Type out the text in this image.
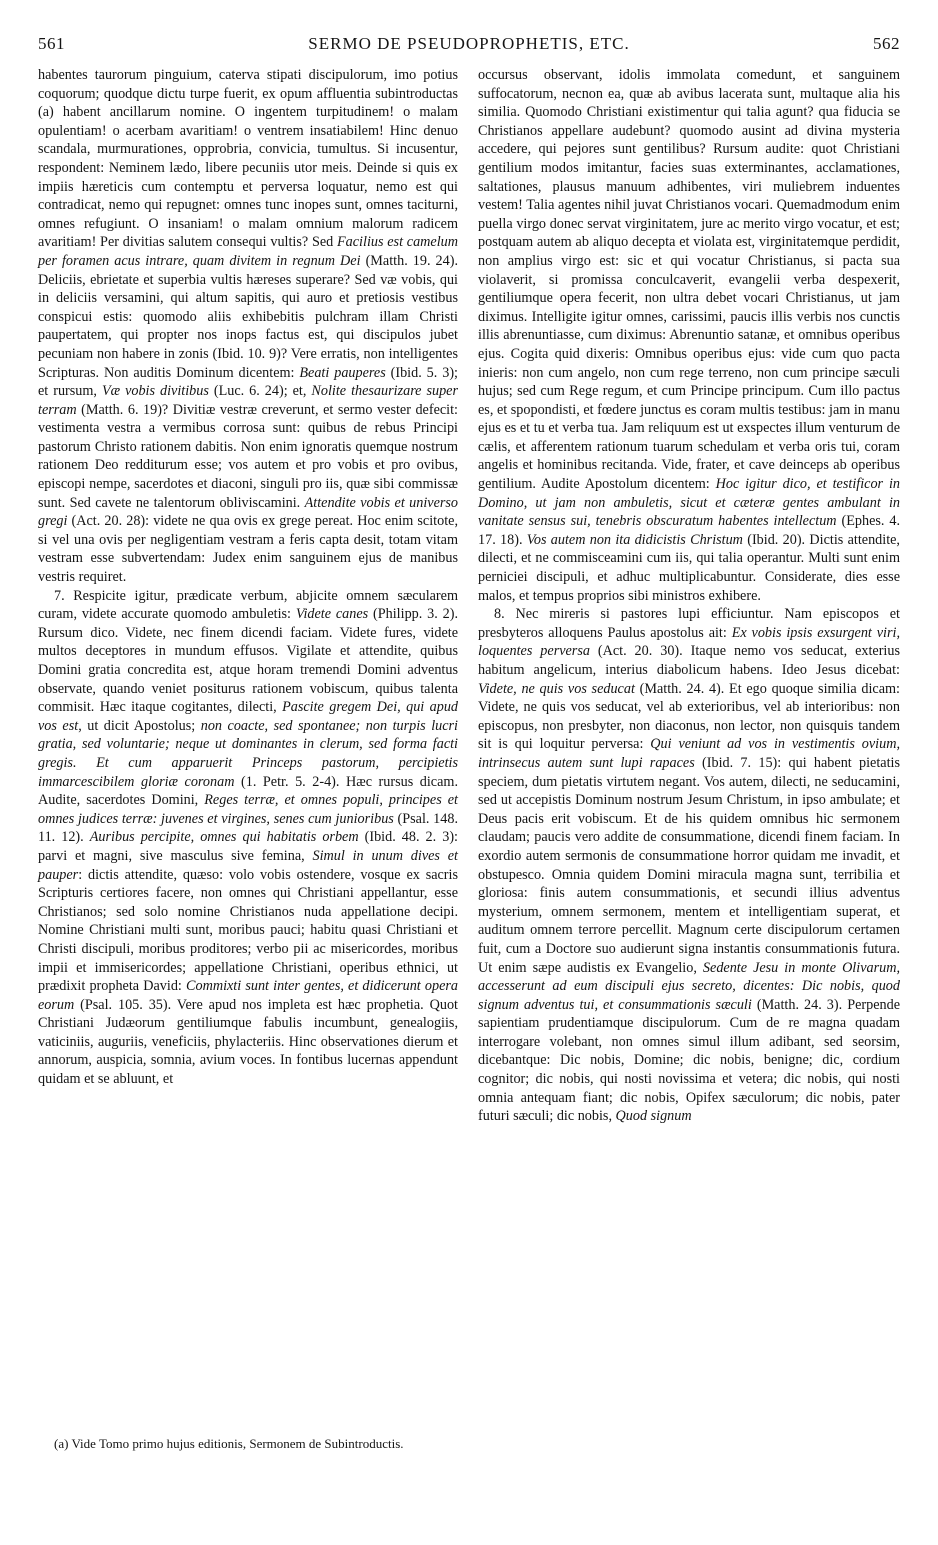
561	SERMO DE PSEUDOPROPHETIS, ETC.	562

habentes taurorum pinguium, caterva stipati discipulorum, imo potius coquorum; quodque dictu turpe fuerit, ex opum affluentia subintroductas (a) habent ancillarum nomine. O ingentem turpitudinem! o malam opulentiam! o acerbam avaritiam! o ventrem insatiabilem! Hinc denuo scandala, murmurationes, opprobria, convicia, tumultus. Si incusentur, respondent: Neminem lædo, libere pecuniis utor meis. Deinde si quis ex impiis hæreticis cum contemptu et perversa loquatur, nemo est qui contradicat, nemo qui repugnet: omnes tunc inopes sunt, omnes taciturni, omnes refugiunt. O insaniam! o malam omnium malorum radicem avaritiam! Per divitias salutem consequi vultis? Sed Facilius est camelum per foramen acus intrare, quam divitem in regnum Dei (Matth. 19. 24). Deliciis, ebrietate et superbia vultis hæreses superare? Sed væ vobis, qui in deliciis versamini, qui altum sapitis, qui auro et pretiosis vestibus conspicui estis: quomodo aliis exhibebitis pulchram illam Christi paupertatem, qui propter nos inops factus est, qui discipulos jubet pecuniam non habere in zonis (Ibid. 10. 9)? Vere erratis, non intelligentes Scripturas. Non auditis Dominum dicentem: Beati pauperes (Ibid. 5. 3); et rursum, Væ vobis divitibus (Luc. 6. 24); et, Nolite thesaurizare super terram (Matth. 6. 19)? Divitiæ vestræ creverunt, et sermo vester defecit: vestimenta vestra a vermibus corrosa sunt: quibus de rebus Principi pastorum Christo rationem dabitis. Non enim ignoratis quemque nostrum rationem Deo redditurum esse; vos autem et pro vobis et pro ovibus, episcopi nempe, sacerdotes et diaconi, singuli pro iis, quæ sibi commissæ sunt. Sed cavete ne talentorum obliviscamini. Attendite vobis et universo gregi (Act. 20. 28): videte ne qua ovis ex grege pereat. Hoc enim scitote, si vel una ovis per negligentiam vestram a feris capta desit, totam vitam vestram esse subvertendam: Judex enim sanguinem ejus de manibus vestris requiret.

7. Respicite igitur, prædicate verbum, abjicite omnem sæcularem curam, videte accurate quomodo ambuletis: Videte canes (Philipp. 3. 2). Rursum dico. Videte, nec finem dicendi faciam. Videte fures, videte multos deceptores in mundum effusos. Vigilate et attendite, quibus Domini gratia concredita est, atque horam tremendi Domini adventus observate, quando veniet positurus rationem vobiscum, quibus talenta commisit. Hæc itaque cogitantes, dilecti, Pascite gregem Dei, qui apud vos est, ut dicit Apostolus; non coacte, sed spontanee; non turpis lucri gratia, sed voluntarie; neque ut dominantes in clerum, sed forma facti gregis. Et cum apparuerit Princeps pastorum, percipietis immarcescibilem gloriæ coronam (1. Petr. 5. 2-4). Hæc rursus dicam. Audite, sacerdotes Domini, Reges terræ, et omnes populi, principes et omnes judices terræ: juvenes et virgines, senes cum junioribus (Psal. 148. 11. 12). Auribus percipite, omnes qui habitatis orbem (Ibid. 48. 2. 3): parvi et magni, sive masculus sive femina, Simul in unum dives et pauper: dictis attendite, quæso: volo vobis ostendere, vosque ex sacris Scripturis certiores facere, non omnes qui Christiani appellantur, esse Christianos; sed solo nomine Christianos nuda appellatione decipi. Nomine Christiani multi sunt, moribus pauci; habitu quasi Christiani et Christi discipuli, moribus proditores; verbo pii ac misericordes, moribus impii et immisericordes; appellatione Christiani, operibus ethnici, ut prædixit propheta David: Commixti sunt inter gentes, et didicerunt opera eorum (Psal. 105. 35). Vere apud nos impleta est hæc prophetia. Quot Christiani Judæorum gentiliumque fabulis incumbunt, genealogiis, vaticiniis, auguriis, veneficiis, phylacteriis. Hinc observationes dierum et annorum, auspicia, somnia, avium voces. In fontibus lucernas appendunt quidam et se abluunt, et

(a) Vide Tomo primo hujus editionis, Sermonem de Subintroductis.

occursus observant, idolis immolata comedunt, et sanguinem suffocatorum, necnon ea, quæ ab avibus lacerata sunt, multaque alia his similia. Quomodo Christiani existimentur qui talia agunt? qua fiducia se Christianos appellare audebunt? quomodo ausint ad divina mysteria accedere, qui pejores sunt gentilibus? Rursum audite: quot Christiani gentilium modos imitantur, facies suas exterminantes, acclamationes, saltationes, plausus manuum adhibentes, viri muliebrem induentes vestem! Talia agentes nihil juvat Christianos vocari. Quemadmodum enim puella virgo donec servat virginitatem, jure ac merito virgo vocatur, et est; postquam autem ab aliquo decepta et violata est, virginitatemque perdidit, non amplius virgo est: sic et qui vocatur Christianus, si pacta sua violaverit, si promissa conculcaverit, evangelii verba despexerit, gentiliumque opera fecerit, non ultra debet vocari Christianus, ut jam diximus. Intelligite igitur omnes, carissimi, paucis illis verbis nos cunctis illis abrenuntiasse, cum diximus: Abrenuntio satanæ, et omnibus operibus ejus. Cogita quid dixeris: Omnibus operibus ejus: vide cum quo pacta inieris: non cum angelo, non cum rege terreno, non cum principe sæculi hujus; sed cum Rege regum, et cum Principe principum. Cum illo pactus es, et spopondisti, et fœdere junctus es coram multis testibus: jam in manu ejus es et tu et verba tua. Jam reliquum est ut exspectes illum venturum de cælis, et afferentem rationum tuarum schedulam et verba oris tui, coram angelis et hominibus recitanda. Vide, frater, et cave deinceps ab operibus gentilium. Audite Apostolum dicentem: Hoc igitur dico, et testificor in Domino, ut jam non ambuletis, sicut et cæteræ gentes ambulant in vanitate sensus sui, tenebris obscuratum habentes intellectum (Ephes. 4. 17. 18). Vos autem non ita didicistis Christum (Ibid. 20). Dictis attendite, dilecti, et ne commisceamini cum iis, qui talia operantur. Multi sunt enim perniciei discipuli, et adhuc multiplicabuntur. Considerate, dies esse malos, et tempus proprios sibi ministros exhibere.

8. Nec mireris si pastores lupi efficiuntur. Nam episcopos et presbyteros alloquens Paulus apostolus ait: Ex vobis ipsis exsurgent viri, loquentes perversa (Act. 20. 30). Itaque nemo vos seducat, exterius habitum angelicum, interius diabolicum habens. Ideo Jesus dicebat: Videte, ne quis vos seducat (Matth. 24. 4). Et ego quoque similia dicam: Videte, ne quis vos seducat, vel ab exterioribus, vel ab interioribus: non episcopus, non presbyter, non diaconus, non lector, non quisquis tandem sit is qui loquitur perversa: Qui veniunt ad vos in vestimentis ovium, intrinsecus autem sunt lupi rapaces (Ibid. 7. 15): qui habent pietatis speciem, dum pietatis virtutem negant. Vos autem, dilecti, ne seducamini, sed ut accepistis Dominum nostrum Jesum Christum, in ipso ambulate; et Deus pacis erit vobiscum. Et de his quidem omnibus hic sermonem claudam; paucis vero addite de consummatione, dicendi finem faciam. In exordio autem sermonis de consummatione horror quidam me invadit, et obstupesco. Omnia quidem Domini miracula magna sunt, terribilia et gloriosa: finis autem consummationis, et secundi illius adventus mysterium, omnem sermonem, mentem et intelligentiam superat, et auditum omnem terrore percellit. Magnum certe discipulorum certamen fuit, cum a Doctore suo audierunt signa instantis consummationis futura. Ut enim sæpe audistis ex Evangelio, Sedente Jesu in monte Olivarum, accesserunt ad eum discipuli ejus secreto, dicentes: Dic nobis, quod signum adventus tui, et consummationis sæculi (Matth. 24. 3). Perpende sapientiam prudentiamque discipulorum. Cum de re magna quadam interrogare volebant, non omnes simul illum adibant, sed seorsim, dicebantque: Dic nobis, Domine; dic nobis, benigne; dic, cordium cognitor; dic nobis, qui nosti novissima et vetera; dic nobis, qui nosti omnia antequam fiant; dic nobis, Opifex sæculorum; dic nobis, pater futuri sæculi; dic nobis, Quod signum
